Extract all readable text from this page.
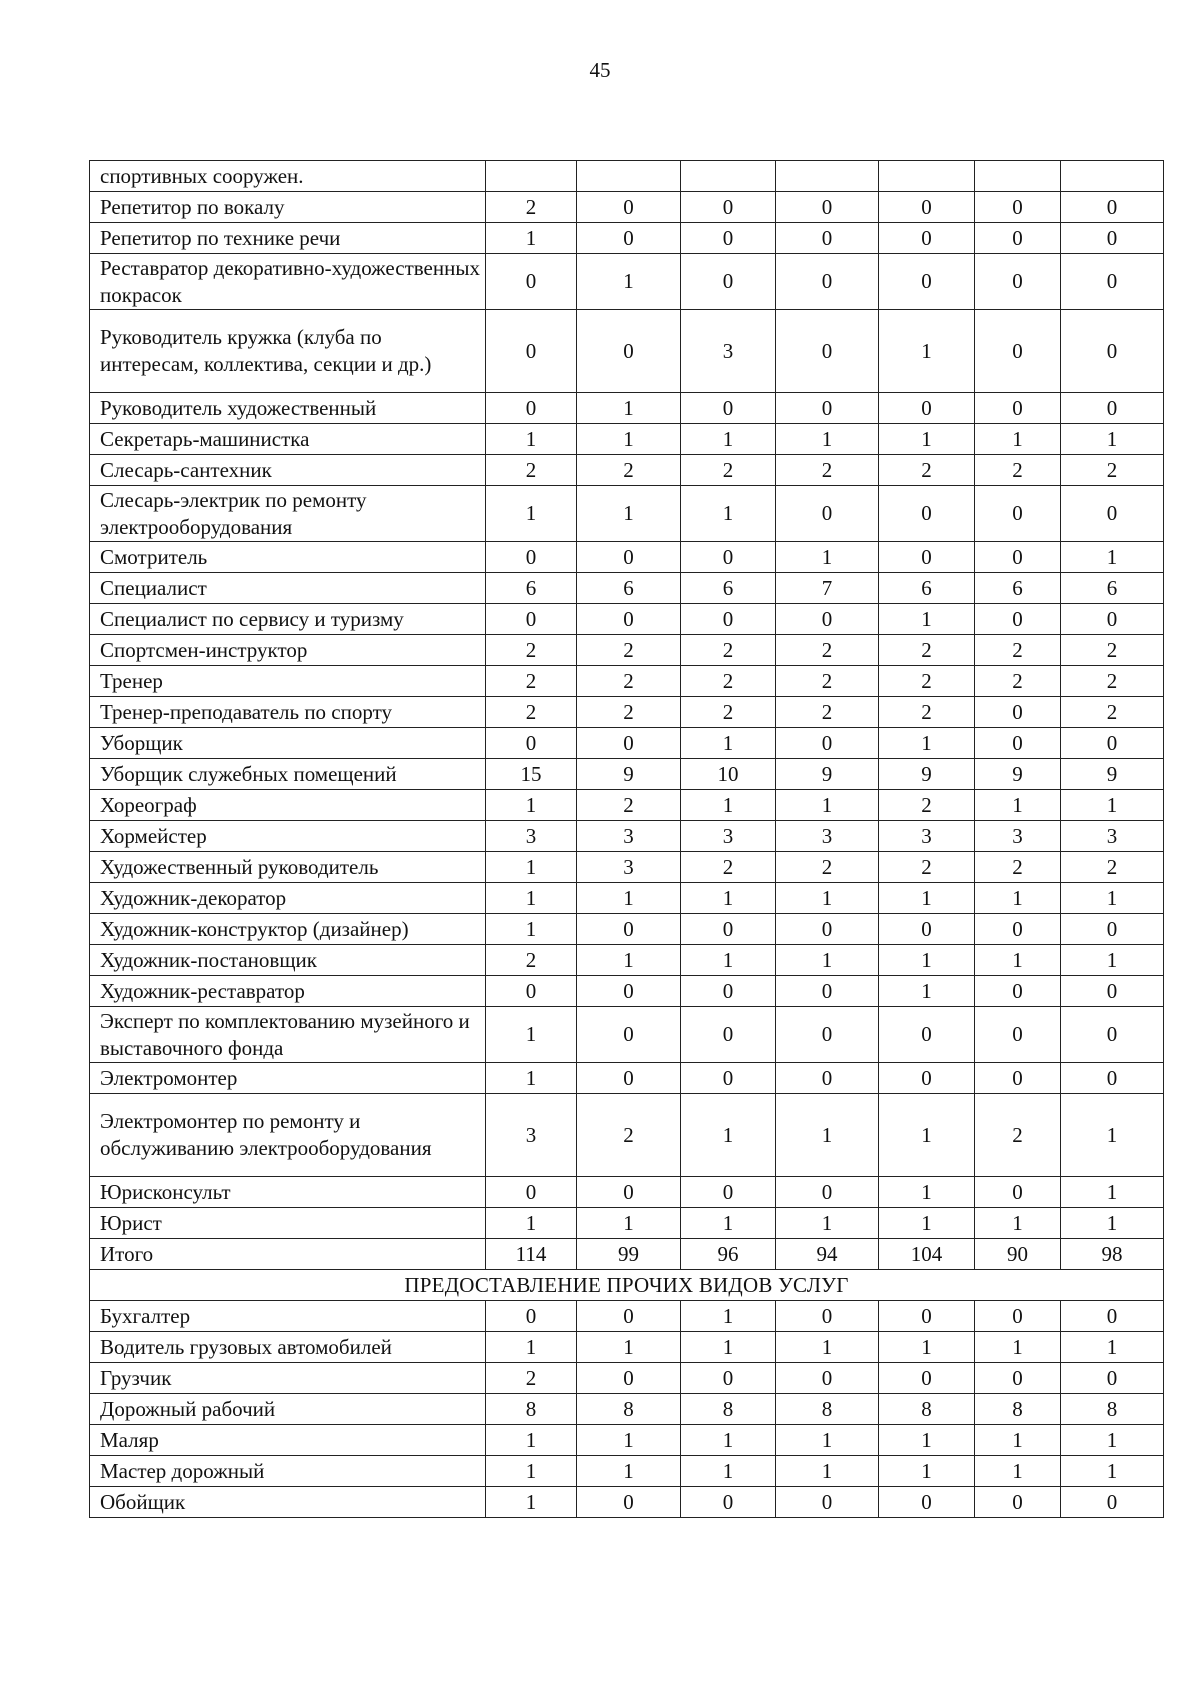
45
спортивных сооружен.							
Репетитор по вокалу	2	0	0	0	0	0	0
Репетитор по технике речи	1	0	0	0	0	0	0
Реставратор декоративно-художественных покрасок	0	1	0	0	0	0	0
Руководитель кружка (клуба по интересам, коллектива, секции и др.)	0	0	3	0	1	0	0
Руководитель художественный	0	1	0	0	0	0	0
Секретарь-машинистка	1	1	1	1	1	1	1
Слесарь-сантехник	2	2	2	2	2	2	2
Слесарь-электрик по ремонту электрооборудования	1	1	1	0	0	0	0
Смотритель	0	0	0	1	0	0	1
Специалист	6	6	6	7	6	6	6
Специалист по сервису и туризму	0	0	0	0	1	0	0
Спортсмен-инструктор	2	2	2	2	2	2	2
Тренер	2	2	2	2	2	2	2
Тренер-преподаватель по спорту	2	2	2	2	2	0	2
Уборщик	0	0	1	0	1	0	0
Уборщик служебных помещений	15	9	10	9	9	9	9
Хореограф	1	2	1	1	2	1	1
Хормейстер	3	3	3	3	3	3	3
Художественный руководитель	1	3	2	2	2	2	2
Художник-декоратор	1	1	1	1	1	1	1
Художник-конструктор (дизайнер)	1	0	0	0	0	0	0
Художник-постановщик	2	1	1	1	1	1	1
Художник-реставратор	0	0	0	0	1	0	0
Эксперт по комплектованию музейного и выставочного фонда	1	0	0	0	0	0	0
Электромонтер	1	0	0	0	0	0	0
Электромонтер по ремонту и обслуживанию электрооборудования	3	2	1	1	1	2	1
Юрисконсульт	0	0	0	0	1	0	1
Юрист	1	1	1	1	1	1	1
Итого	114	99	96	94	104	90	98
ПРЕДОСТАВЛЕНИЕ ПРОЧИХ ВИДОВ УСЛУГ							
Бухгалтер	0	0	1	0	0	0	0
Водитель грузовых автомобилей	1	1	1	1	1	1	1
Грузчик	2	0	0	0	0	0	0
Дорожный рабочий	8	8	8	8	8	8	8
Маляр	1	1	1	1	1	1	1
Мастер дорожный	1	1	1	1	1	1	1
Обойщик	1	0	0	0	0	0	0
